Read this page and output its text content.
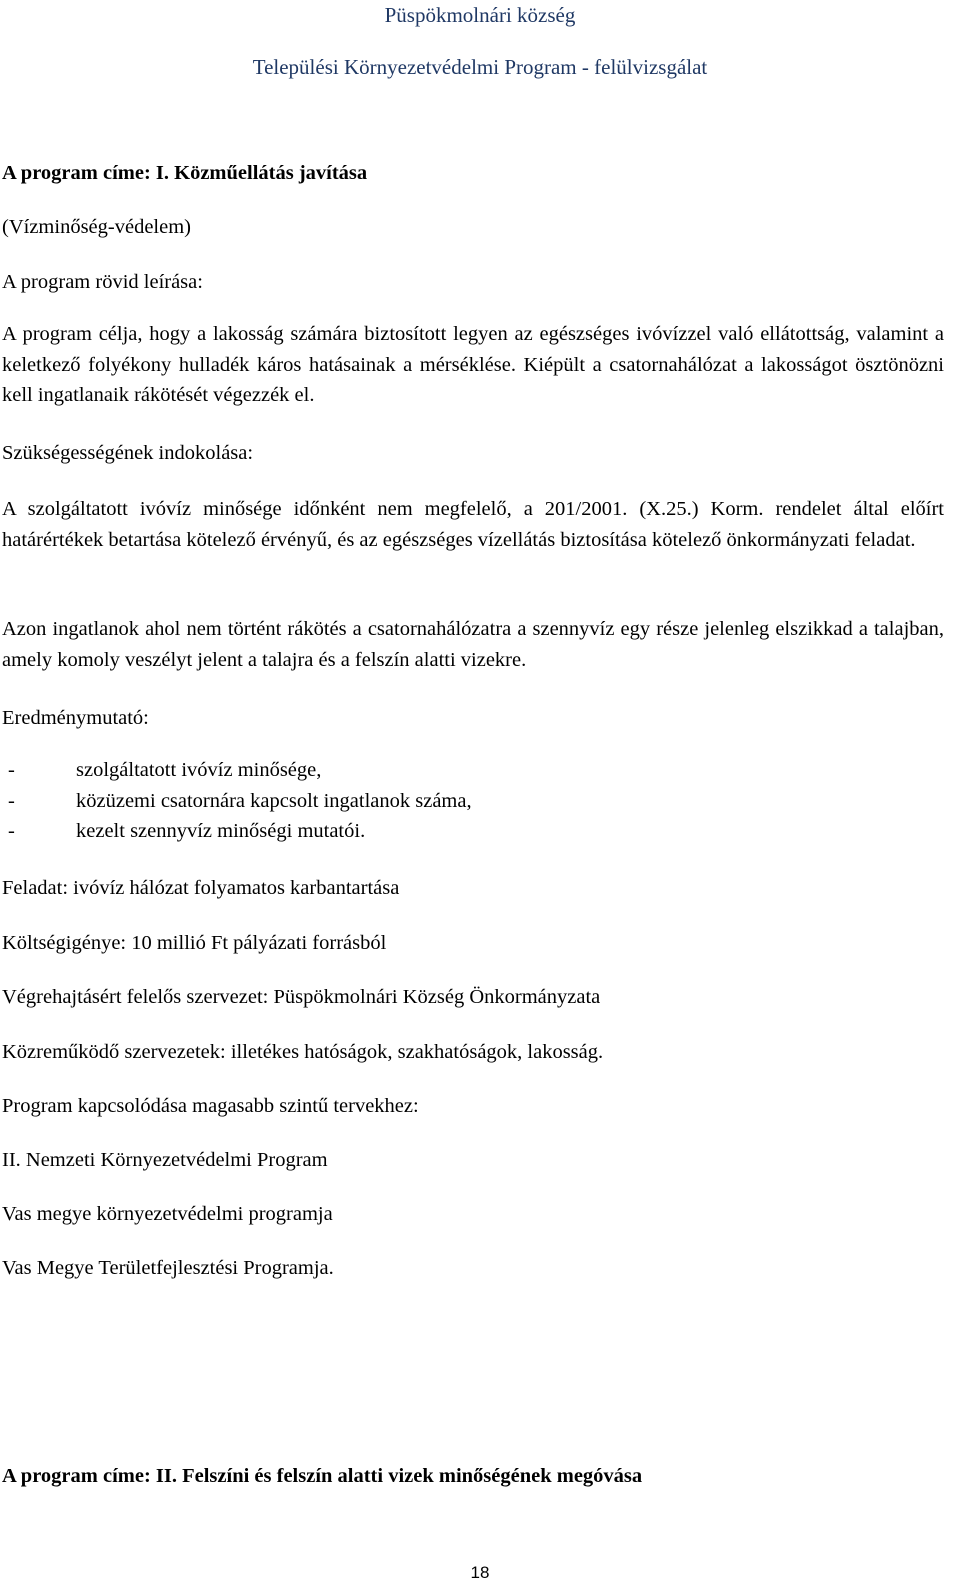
Püspökmolnári község
Települési Környezetvédelmi Program - felülvizsgálat
A program címe: I. Közműellátás javítása
(Vízminőség-védelem)
A program rövid leírása:
A program célja, hogy a lakosság számára biztosított legyen az egészséges ivóvízzel való ellátottság, valamint a keletkező folyékony hulladék káros hatásainak a mérséklése. Kiépült a csatornahálózat a lakosságot ösztönözni kell ingatlanaik rákötését végezzék el.
Szükségességének indokolása:
A szolgáltatott ivóvíz minősége időnként nem megfelelő, a 201/2001. (X.25.) Korm. rendelet által előírt határértékek betartása kötelező érvényű, és az egészséges vízellátás biztosítása kötelező önkormányzati feladat.
Azon ingatlanok ahol nem történt rákötés a csatornahálózatra a szennyvíz egy része jelenleg elszikkad a talajban, amely komoly veszélyt jelent a talajra és a felszín alatti vizekre.
Eredménymutató:
-	szolgáltatott ivóvíz minősége,
-	közüzemi csatornára kapcsolt ingatlanok száma,
-	kezelt szennyvíz minőségi mutatói.
Feladat: ivóvíz hálózat folyamatos karbantartása
Költségigénye: 10 millió Ft pályázati forrásból
Végrehajtásért felelős szervezet: Püspökmolnári Község Önkormányzata
Közreműködő szervezetek: illetékes hatóságok, szakhatóságok, lakosság.
Program kapcsolódása magasabb szintű tervekhez:
II. Nemzeti Környezetvédelmi Program
Vas megye környezetvédelmi programja
Vas Megye Területfejlesztési Programja.
A program címe: II. Felszíni és felszín alatti vizek minőségének megóvása
18
